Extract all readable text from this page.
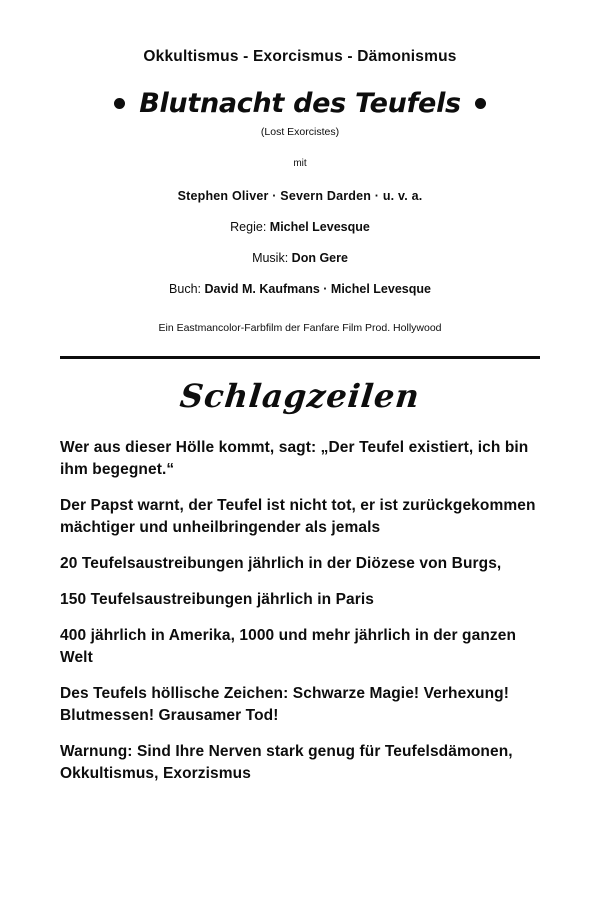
Okkultismus - Exorcismus - Dämonismus
Blutnacht des Teufels
(Lost Exorcistes)
mit
Stephen Oliver · Severn Darden · u. v. a.
Regie: Michel Levesque
Musik: Don Gere
Buch: David M. Kaufmans · Michel Levesque
Ein Eastmancolor-Farbfilm der Fanfare Film Prod. Hollywood
Schlagzeilen
Wer aus dieser Hölle kommt, sagt: „Der Teufel existiert, ich bin ihm begegnet.“
Der Papst warnt, der Teufel ist nicht tot, er ist zurückgekommen mächtiger und unheilbringender als jemals
20 Teufelsaustreibungen jährlich in der Diözese von Burgs,
150 Teufelsaustreibungen jährlich in Paris
400 jährlich in Amerika, 1000 und mehr jährlich in der ganzen Welt
Des Teufels höllische Zeichen: Schwarze Magie! Verhexung! Blutmessen! Grausamer Tod!
Warnung: Sind Ihre Nerven stark genug für Teufelsdämonen, Okkultismus, Exorzismus
